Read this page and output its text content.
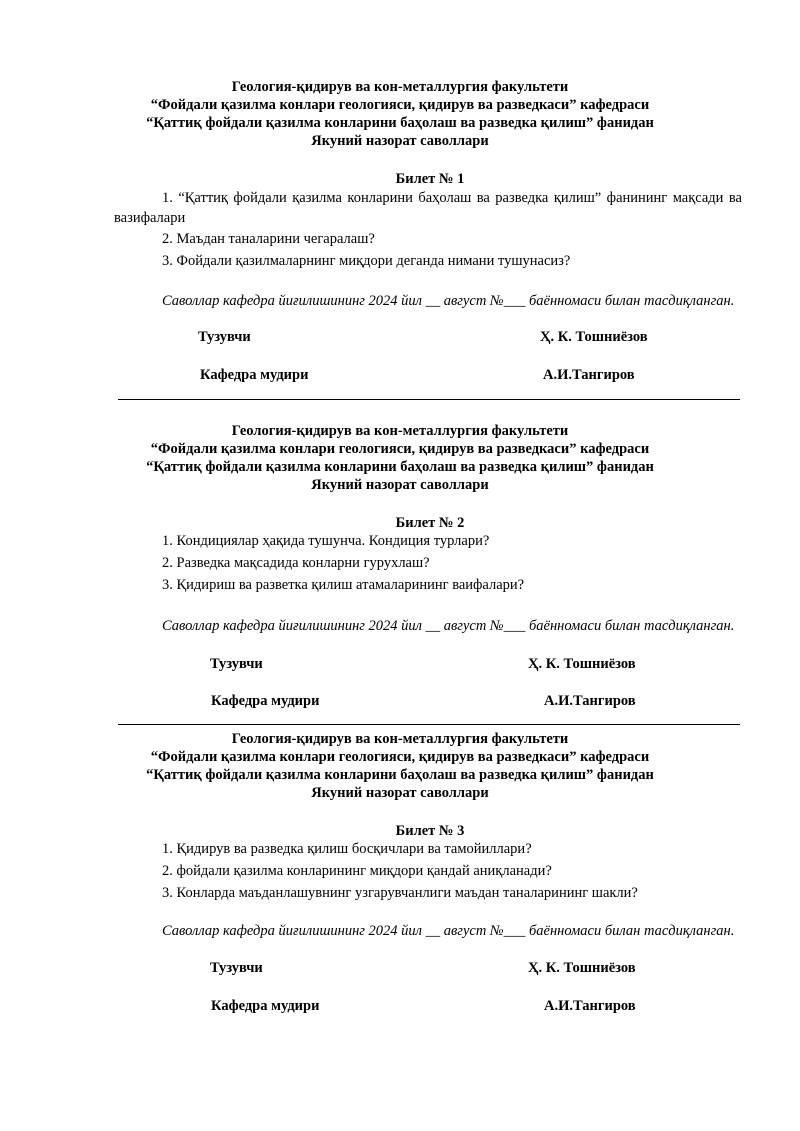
Геология-қидирув ва кон-металлургия факультети
“Фойдали қазилма конлари геологияси, қидирув ва разведкаси” кафедраси
“Қаттиқ фойдали қазилма конларини баҳолаш ва разведка қилиш” фанидан
Якуний назорат саволлари
Билет № 1
1. “Қаттиқ фойдали қазилма конларини баҳолаш ва разведка қилиш” фанининг мақсади ва вазифалари
2. Маъдан таналарини чегаралаш?
3. Фойдали қазилмаларнинг миқдори деганда нимани тушунасиз?
Саволлар кафедра йиғилишининг 2024 йил __ август №___ баённомаси билан тасдиқланган.
Тузувчи	Ҳ. К. Тошниёзов
Кафедра мудири	А.И.Тангиров
Геология-қидирув ва кон-металлургия факультети
“Фойдали қазилма конлари геологияси, қидирув ва разведкаси” кафедраси
“Қаттиқ фойдали қазилма конларини баҳолаш ва разведка қилиш” фанидан
Якуний назорат саволлари
Билет № 2
1. Кондициялар ҳақида тушунча. Кондиция турлари?
2. Разведка мақсадида конларни гурухлаш?
3. Қидириш ва разветка қилиш атамаларининг ваифалари?
Саволлар кафедра йиғилишининг 2024 йил __ август №___ баённомаси билан тасдиқланган.
Тузувчи	Ҳ. К. Тошниёзов
Кафедра мудири	А.И.Тангиров
Геология-қидирув ва кон-металлургия факультети
“Фойдали қазилма конлари геологияси, қидирув ва разведкаси” кафедраси
“Қаттиқ фойдали қазилма конларини баҳолаш ва разведка қилиш” фанидан
Якуний назорат саволлари
Билет № 3
1. Қидирув ва разведка қилиш босқичлари ва тамойиллари?
2. фойдали қазилма конларининг миқдори қандай аниқланади?
3. Конларда маъданлашувнинг узгарувчанлиги маъдан таналарининг шакли?
Саволлар кафедра йиғилишининг 2024 йил __ август №___ баённомаси билан тасдиқланган.
Тузувчи	Ҳ. К. Тошниёзов
Кафедра мудири	А.И.Тангиров
